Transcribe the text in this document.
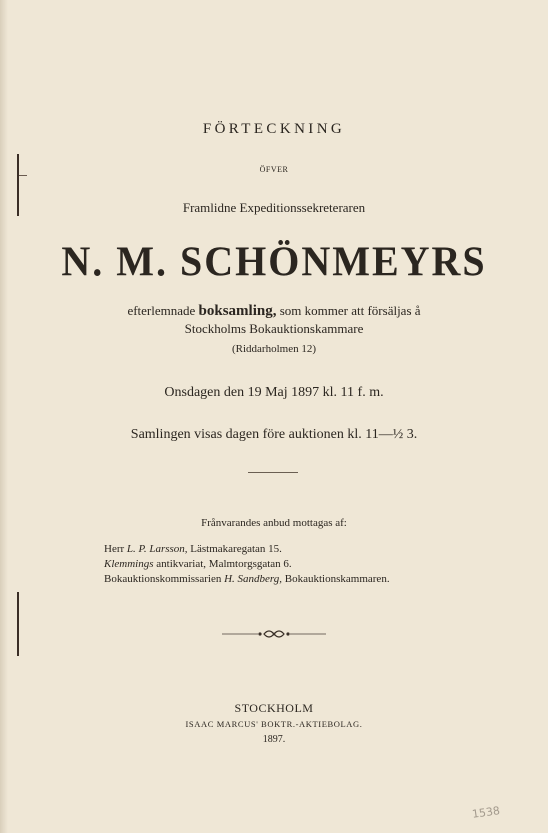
FÖRTECKNING
ÖFVER
Framlidne Expeditionssekreteraren
N. M. SCHÖNMEYRS
efterlemnade boksamling, som kommer att försäljas å
Stockholms Bokauktionskammare
(Riddarholmen 12)
Onsdagen den 19 Maj 1897 kl. 11 f. m.
Samlingen visas dagen före auktionen kl. 11—½ 3.
Frånvarandes anbud mottagas af:
Herr L. P. Larsson, Lästmakaregatan 15.
Klemmings antikvariat, Malmtorgsgatan 6.
Bokauktionskommissarien H. Sandberg, Bokauktionskammaren.
STOCKHOLM
ISAAC MARCUS' BOKTR.-AKTIEBOLAG.
1897.
1538
